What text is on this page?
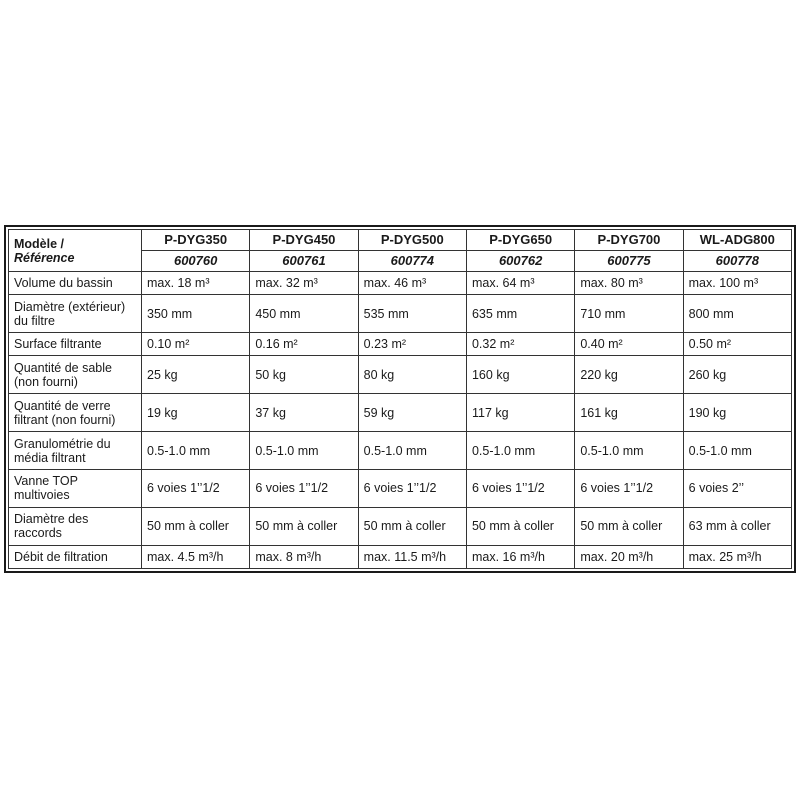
Modèle /
Référence	P-DYG350	P-DYG450	P-DYG500	P-DYG650	P-DYG700	WL-ADG800
	600760	600761	600774	600762	600775	600778
Volume du bassin	max. 18 m³	max. 32 m³	max. 46 m³	max. 64 m³	max. 80 m³	max. 100 m³
Diamètre (extérieur) du filtre	350 mm	450 mm	535 mm	635 mm	710 mm	800 mm
Surface filtrante	0.10 m²	0.16 m²	0.23 m²	0.32 m²	0.40 m²	0.50 m²
Quantité de sable (non fourni)	25 kg	50 kg	80 kg	160 kg	220 kg	260 kg
Quantité de verre filtrant (non fourni)	19 kg	37 kg	59 kg	117 kg	161 kg	190 kg
Granulométrie du média filtrant	0.5-1.0 mm	0.5-1.0 mm	0.5-1.0 mm	0.5-1.0 mm	0.5-1.0 mm	0.5-1.0 mm
Vanne TOP multivoies	6 voies 1’’1/2	6 voies 1’’1/2	6 voies 1’’1/2	6 voies 1’’1/2	6 voies 1’’1/2	6 voies 2’’
Diamètre des raccords	50 mm à coller	50 mm à coller	50 mm à coller	50 mm à coller	50 mm à coller	63 mm à coller
Débit de filtration	max. 4.5 m³/h	max. 8 m³/h	max. 11.5 m³/h	max. 16 m³/h	max. 20 m³/h	max. 25 m³/h
